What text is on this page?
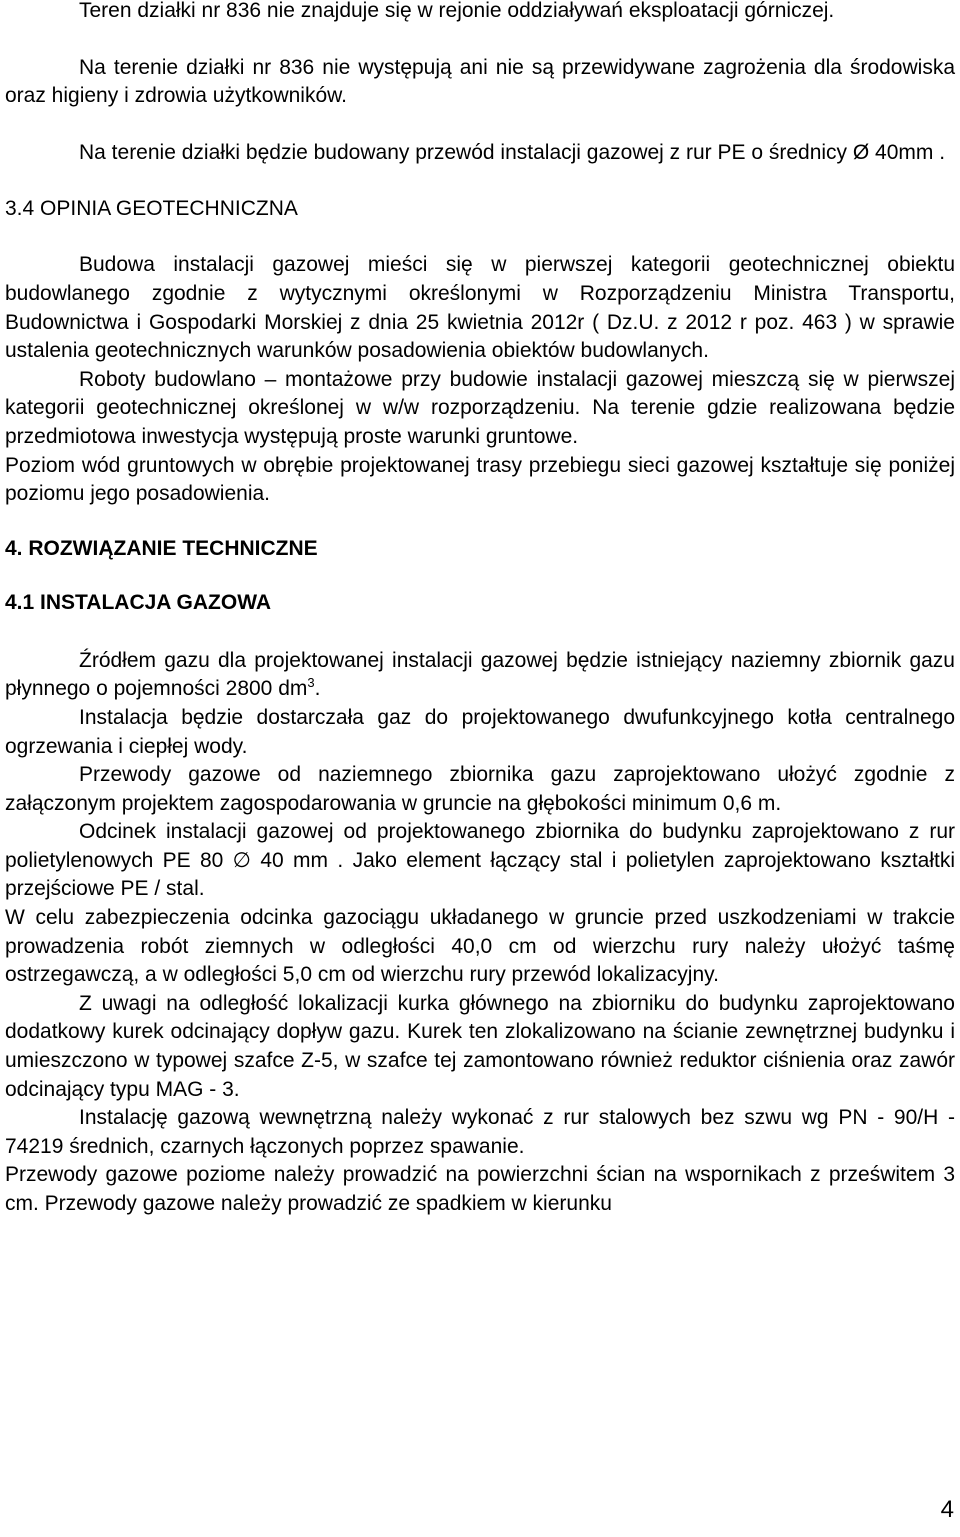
Teren działki nr 836 nie znajduje się w rejonie oddziaływań eksploatacji górniczej.

Na terenie działki nr 836 nie występują ani nie są przewidywane zagrożenia dla środowiska oraz higieny i zdrowia użytkowników.

Na terenie działki będzie budowany przewód instalacji gazowej z rur PE o średnicy Ø 40mm .

3.4 OPINIA GEOTECHNICZNA

Budowa instalacji gazowej mieści się w pierwszej kategorii geotechnicznej obiektu budowlanego zgodnie z wytycznymi określonymi w Rozporządzeniu Ministra Transportu, Budownictwa i Gospodarki Morskiej z dnia 25 kwietnia 2012r ( Dz.U. z 2012 r poz. 463 ) w sprawie ustalenia geotechnicznych warunków posadowienia obiektów budowlanych.

Roboty budowlano – montażowe przy budowie instalacji gazowej mieszczą się w pierwszej kategorii geotechnicznej określonej w w/w rozporządzeniu. Na terenie gdzie realizowana będzie przedmiotowa inwestycja występują proste warunki gruntowe.

Poziom wód gruntowych w obrębie projektowanej trasy przebiegu sieci gazowej kształtuje się poniżej poziomu jego posadowienia.

4. ROZWIĄZANIE TECHNICZNE

4.1 INSTALACJA GAZOWA

Źródłem gazu dla projektowanej instalacji gazowej będzie istniejący naziemny zbiornik gazu płynnego o pojemności 2800 $dm^3$.

Instalacja będzie dostarczała gaz do projektowanego dwufunkcyjnego kotła centralnego ogrzewania i ciepłej wody.

Przewody gazowe od naziemnego zbiornika gazu zaprojektowano ułożyć zgodnie z załączonym projektem zagospodarowania w gruncie na głębokości minimum 0,6 m.

Odcinek instalacji gazowej od projektowanego zbiornika do budynku zaprojektowano z rur polietylenowych PE 80 ∅ 40 mm . Jako element łączący stal i polietylen zaprojektowano kształtki przejściowe PE / stal.

W celu zabezpieczenia odcinka gazociągu układanego w gruncie przed uszkodzeniami w trakcie prowadzenia robót ziemnych w odległości 40,0 cm od wierzchu rury należy ułożyć taśmę ostrzegawczą, a w odległości 5,0 cm od wierzchu rury przewód lokalizacyjny.

Z uwagi na odległość lokalizacji kurka głównego na zbiorniku do budynku zaprojektowano dodatkowy kurek odcinający dopływ gazu. Kurek ten zlokalizowano na ścianie zewnętrznej budynku i umieszczono w typowej szafce Z-5, w szafce tej zamontowano również reduktor ciśnienia oraz zawór odcinający typu MAG - 3.

Instalację gazową wewnętrzną należy wykonać z rur stalowych bez szwu wg PN - 90/H - 74219 średnich, czarnych łączonych poprzez spawanie.

Przewody gazowe poziome należy prowadzić na powierzchni ścian na wspornikach z prześwitem 3 cm. Przewody gazowe należy prowadzić ze spadkiem w kierunku

4
